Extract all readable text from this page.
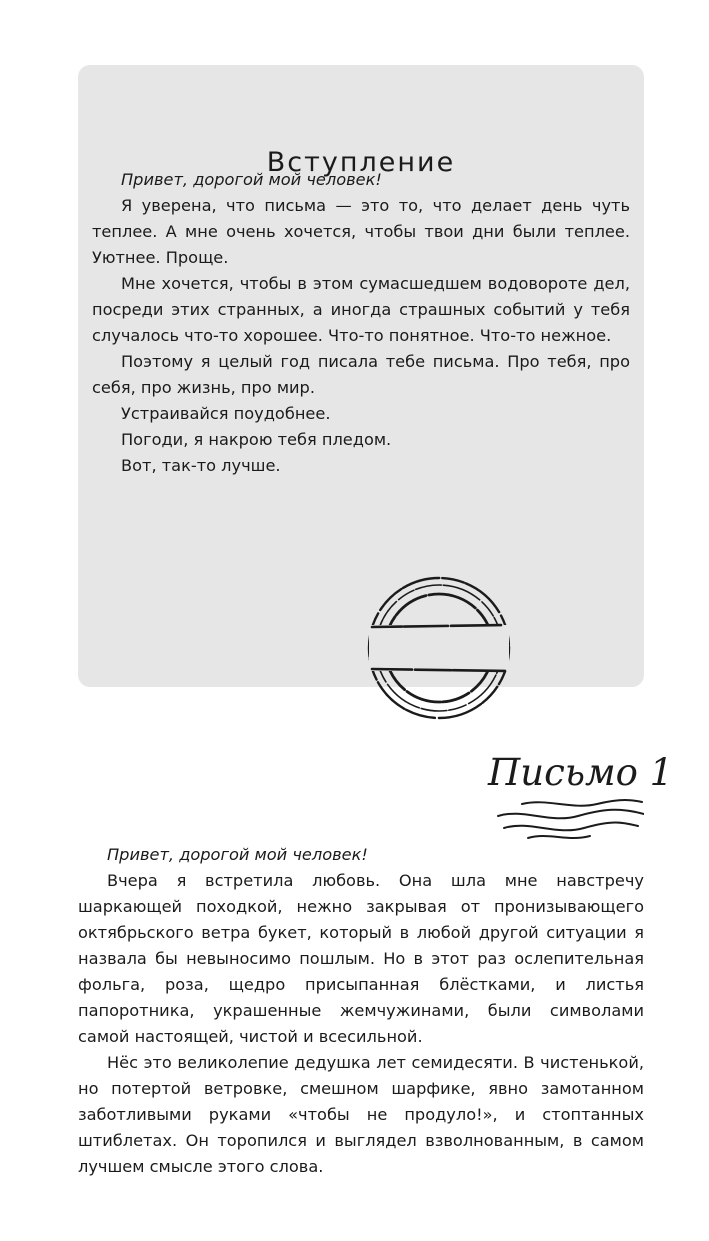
Вступление

Привет, дорогой мой человек!

Я уверена, что письма — это то, что делает день чуть теплее. А мне очень хочется, чтобы твои дни были теплее. Уютнее. Проще.

Мне хочется, чтобы в этом сумасшедшем водовороте дел, посреди этих странных, а иногда страшных событий у тебя случалось что-то хорошее. Что-то понятное. Что-то нежное.

Поэтому я целый год писала тебе письма. Про тебя, про себя, про жизнь, про мир.

Устраивайся поудобнее.

Погоди, я накрою тебя пледом.

Вот, так-то лучше.

Письмо 1

Привет, дорогой мой человек!

Вчера я встретила любовь. Она шла мне навстречу шаркающей походкой, нежно закрывая от пронизывающего октябрьского ветра букет, который в любой другой ситуации я назвала бы невыносимо пошлым. Но в этот раз ослепительная фольга, роза, щедро присыпанная блёстками, и листья папоротника, украшенные жемчужинами, были символами самой настоящей, чистой и всесильной.

Нёс это великолепие дедушка лет семидесяти. В чистенькой, но потертой ветровке, смешном шарфике, явно замотанном заботливыми руками «чтобы не продуло!», и стоптанных штиблетах. Он торопился и выглядел взволнованным, в самом лучшем смысле этого слова.
